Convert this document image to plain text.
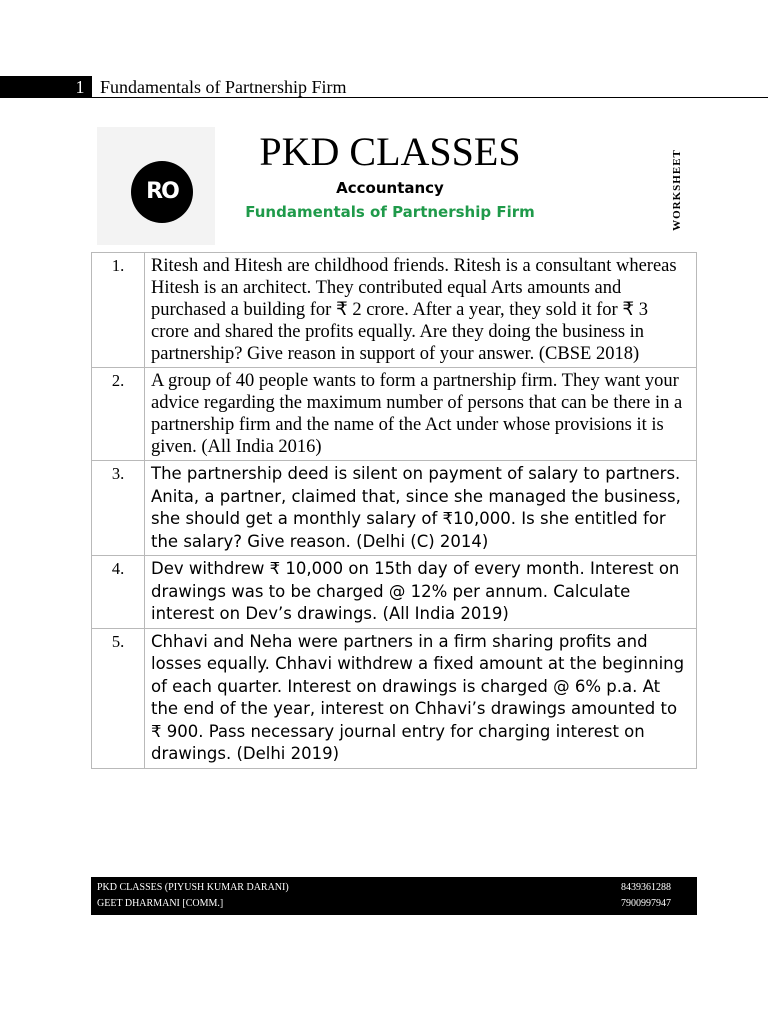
1 Fundamentals of Partnership Firm
RO
PKD CLASSES
Accountancy
Fundamentals of Partnership Firm	WORKSHEET
1.	Ritesh and Hitesh are childhood friends. Ritesh is a consultant whereas Hitesh is an architect. They contributed equal Arts amounts and purchased a building for ₹ 2 crore. After a year, they sold it for ₹ 3 crore and shared the profits equally. Are they doing the business in partnership? Give reason in support of your answer. (CBSE 2018)
2.	A group of 40 people wants to form a partnership firm. They want your advice regarding the maximum number of persons that can be there in a partnership firm and the name of the Act under whose provisions it is given. (All India 2016)
3.	The partnership deed is silent on payment of salary to partners. Anita, a partner, claimed that, since she managed the business, she should get a monthly salary of ₹10,000. Is she entitled for the salary? Give reason. (Delhi (C) 2014)
4.	Dev withdrew ₹ 10,000 on 15th day of every month. Interest on drawings was to be charged @ 12% per annum. Calculate interest on Dev’s drawings. (All India 2019)
5.	Chhavi and Neha were partners in a firm sharing profits and losses equally. Chhavi withdrew a fixed amount at the beginning of each quarter. Interest on drawings is charged @ 6% p.a. At the end of the year, interest on Chhavi’s drawings amounted to ₹ 900. Pass necessary journal entry for charging interest on drawings. (Delhi 2019)
PKD CLASSES (PIYUSH KUMAR DARANI)
GEET DHARMANI [COMM.]
8439361288
7900997947
